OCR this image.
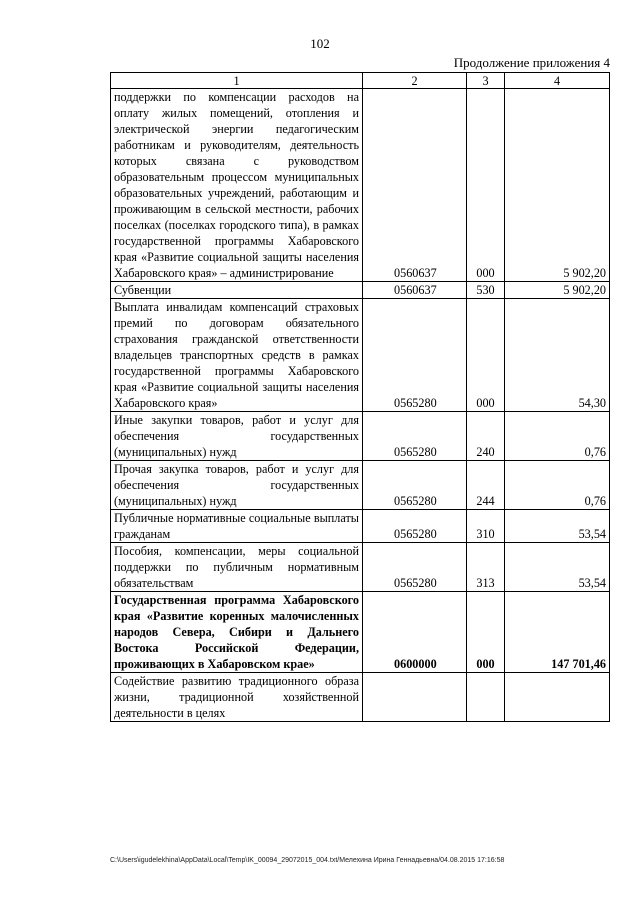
102
Продолжение приложения 4
1	2	3	4
поддержки по компенсации расходов на оплату жилых помещений, отопления и электрической энергии педагогическим работникам и руководителям, деятельность которых связана с руководством образовательным процессом муниципальных образовательных учреждений, работающим и проживающим в сельской местности, рабочих поселках (поселках городского типа), в рамках государственной программы Хабаровского края «Развитие социальной защиты населения Хабаровского края» – администрирование	0560637	000	5 902,20
Субвенции	0560637	530	5 902,20
Выплата инвалидам компенсаций страховых премий по договорам обязательного страхования гражданской ответственности владельцев транспортных средств в рамках государственной программы Хабаровского края «Развитие социальной защиты населения Хабаровского края»	0565280	000	54,30
Иные закупки товаров, работ и услуг для обеспечения государственных (муниципальных) нужд	0565280	240	0,76
Прочая закупка товаров, работ и услуг для обеспечения государственных (муниципальных) нужд	0565280	244	0,76
Публичные нормативные социальные выплаты гражданам	0565280	310	53,54
Пособия, компенсации, меры социальной поддержки по публичным нормативным обязательствам	0565280	313	53,54
Государственная программа Хабаровского края «Развитие коренных малочисленных народов Севера, Сибири и Дальнего Востока Российской Федерации, проживающих в Хабаровском крае»	0600000	000	147 701,46
Содействие развитию традиционного образа жизни, традиционной хозяйственной деятельности в целях			
C:\Users\igudelekhina\AppData\Local\Temp\IK_00094_29072015_004.txt/Мелехина Ирина Геннадьевна/04.08.2015 17:16:58
